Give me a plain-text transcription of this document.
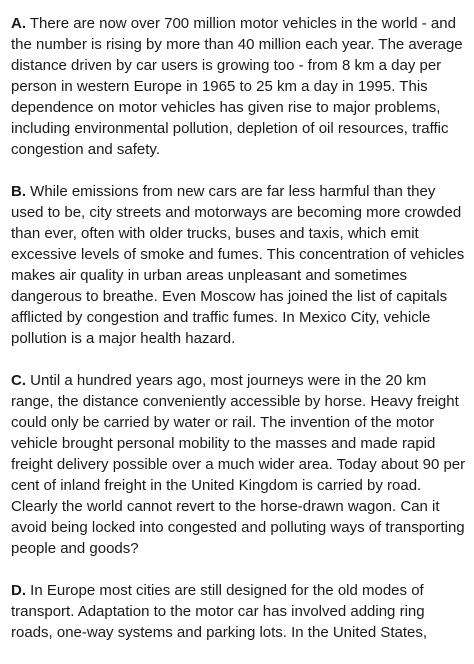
A. There are now over 700 million motor vehicles in the world - and the number is rising by more than 40 million each year. The average distance driven by car users is growing too - from 8 km a day per person in western Europe in 1965 to 25 km a day in 1995. This dependence on motor vehicles has given rise to major problems, including environmental pollution, depletion of oil resources, traffic congestion and safety.

B. While emissions from new cars are far less harmful than they used to be, city streets and motorways are becoming more crowded than ever, often with older trucks, buses and taxis, which emit excessive levels of smoke and fumes. This concentration of vehicles makes air quality in urban areas unpleasant and sometimes dangerous to breathe. Even Moscow has joined the list of capitals afflicted by congestion and traffic fumes. In Mexico City, vehicle pollution is a major health hazard.

C. Until a hundred years ago, most journeys were in the 20 km range, the distance conveniently accessible by horse. Heavy freight could only be carried by water or rail. The invention of the motor vehicle brought personal mobility to the masses and made rapid freight delivery possible over a much wider area. Today about 90 per cent of inland freight in the United Kingdom is carried by road. Clearly the world cannot revert to the horse-drawn wagon. Can it avoid being locked into congested and polluting ways of transporting people and goods?

D. In Europe most cities are still designed for the old modes of transport. Adaptation to the motor car has involved adding ring roads, one-way systems and parking lots. In the United States,
